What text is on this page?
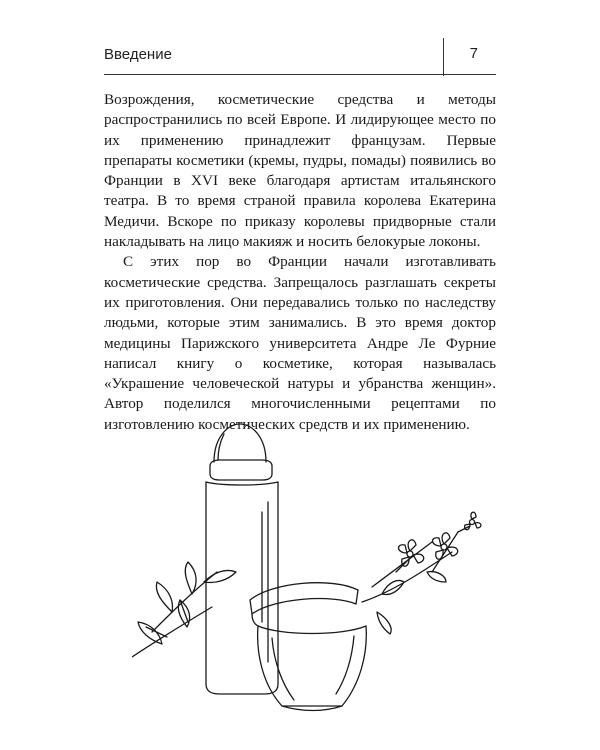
Введение	7

Возрождения, косметические средства и методы распространились по всей Европе. И лидирующее место по их применению принадлежит французам. Первые препараты косметики (кремы, пудры, помады) появились во Франции в XVI веке благодаря артистам итальянского театра. В то время страной правила королева Екатерина Медичи. Вскоре по приказу королевы придворные стали накладывать на лицо макияж и носить белокурые локоны.

С этих пор во Франции начали изготавливать косметические средства. Запрещалось разглашать секреты их приготовления. Они передавались только по наследству людьми, которые этим занимались. В это время доктор медицины Парижского университета Андре Ле Фурние написал книгу о косметике, которая называлась «Украшение человеческой натуры и убранства женщин». Автор поделился многочисленными рецептами по изготовлению косметических средств и их применению.
